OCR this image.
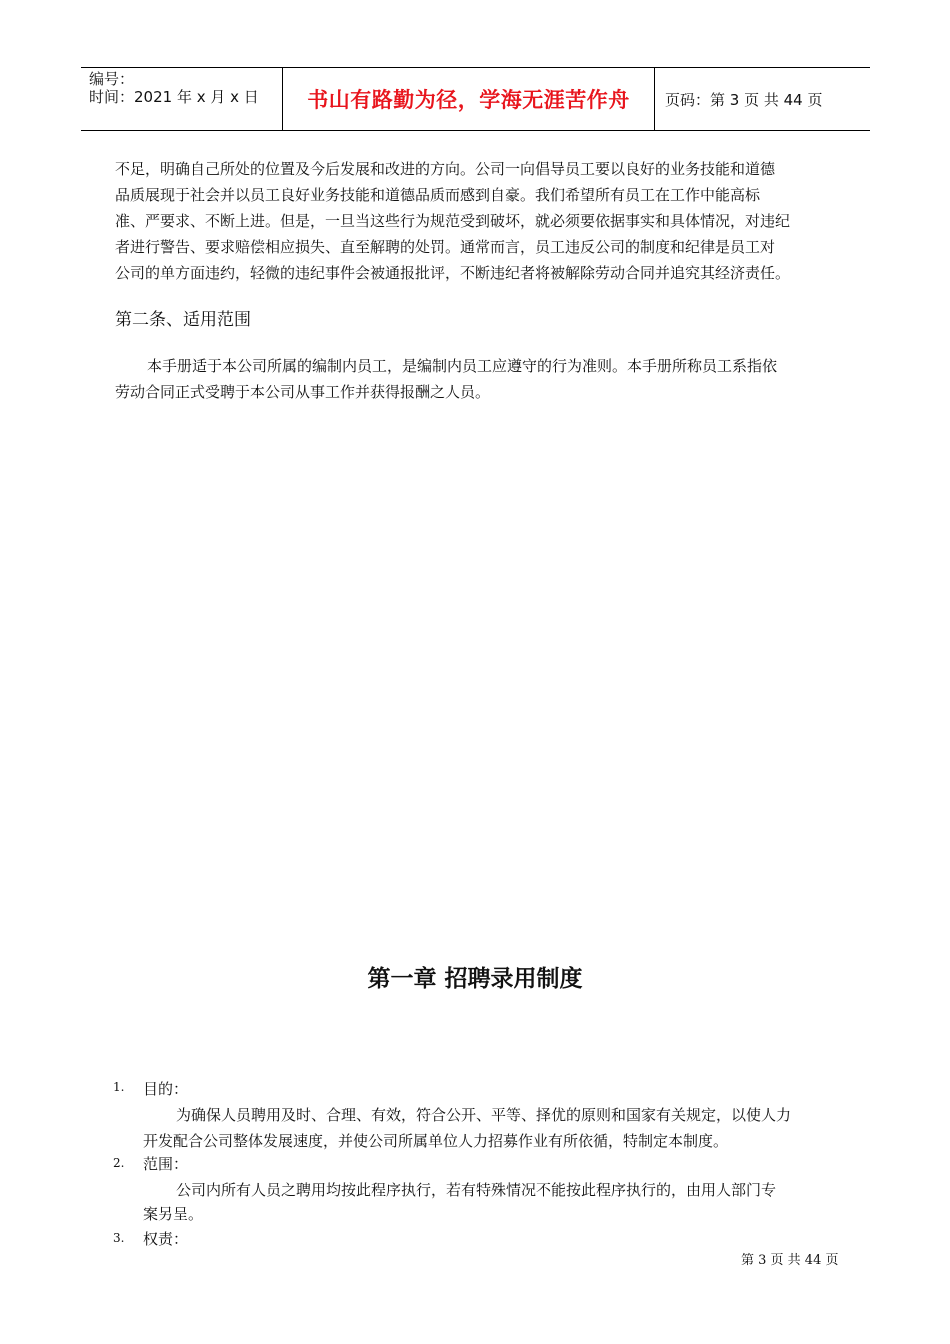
编号：
时间：2021 年 x 月 x 日	书山有路勤为径，学海无涯苦作舟 页码：第 3 页 共 44 页
不足，明确自己所处的位置及今后发展和改进的方向。公司一向倡导员工要以良好的业务技能和道德
品质展现于社会并以员工良好业务技能和道德品质而感到自豪。我们希望所有员工在工作中能高标
准、严要求、不断上进。但是，一旦当这些行为规范受到破坏，就必须要依据事实和具体情况，对违纪
者进行警告、要求赔偿相应损失、直至解聘的处罚。通常而言，员工违反公司的制度和纪律是员工对
公司的单方面违约，轻微的违纪事件会被通报批评，不断违纪者将被解除劳动合同并追究其经济责任。
第二条、适用范围
本手册适于本公司所属的编制内员工，是编制内员工应遵守的行为准则。本手册所称员工系指依
劳动合同正式受聘于本公司从事工作并获得报酬之人员。
第一章 招聘录用制度
1. 目的：
为确保人员聘用及时、合理、有效，符合公开、平等、择优的原则和国家有关规定，以使人力
开发配合公司整体发展速度，并使公司所属单位人力招募作业有所依循，特制定本制度。
2. 范围：
公司内所有人员之聘用均按此程序执行，若有特殊情况不能按此程序执行的，由用人部门专
案另呈。
3. 权责：
第 3 页 共 44 页
